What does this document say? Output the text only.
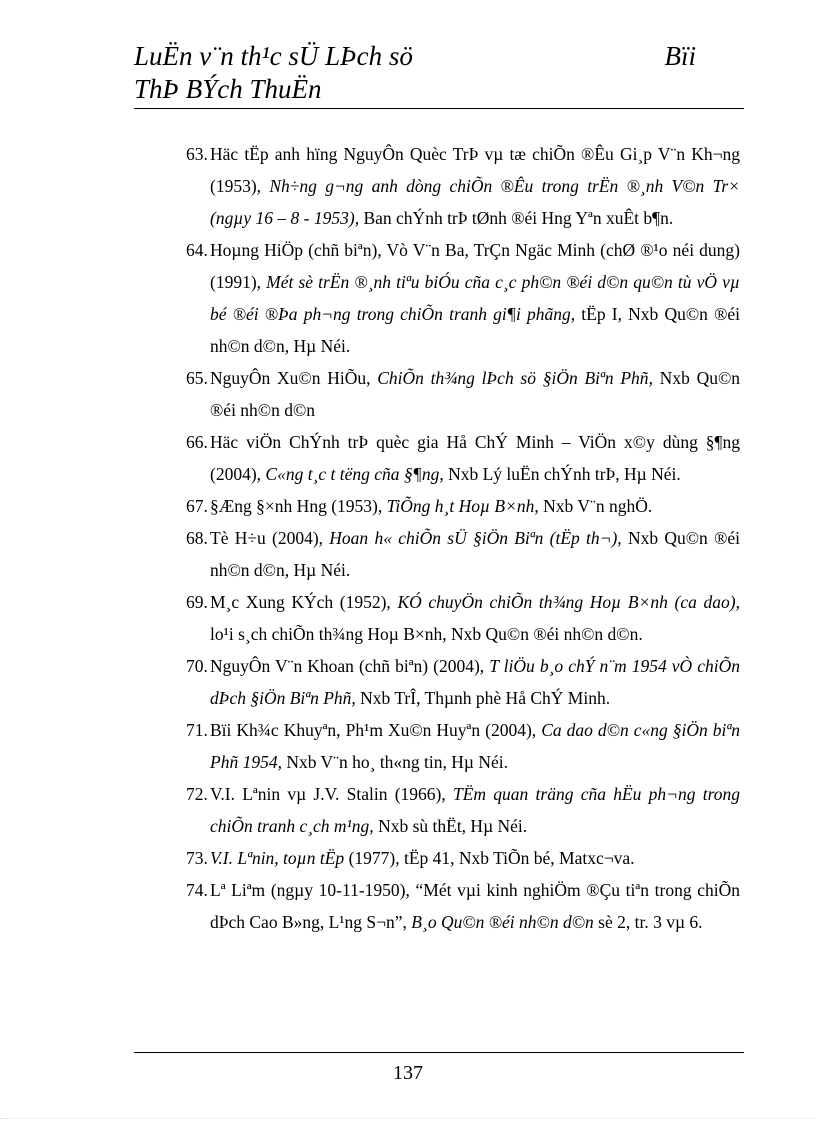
LuËn v¨n th¹c sÜ LÞch sö	Bïi
ThÞ BÝch ThuËn
63. Häc tËp anh hïng NguyÔn Quèc TrÞ vµ tæ chiÕn ®Êu Gi¸p V¨n Kh¬ng (1953), Nh÷ng g¬ng anh dòng chiÕn ®Êu trong trËn ®¸nh V©n Tr× (ngµy 16 – 8 - 1953), Ban chÝnh trÞ tØnh ®éi Hng Yªn xuÊt b¶n.
64. Hoµng HiÖp (chñ biªn), Vò V¨n Ba, TrÇn Ngäc Minh (chØ ®¹o néi dung) (1991), Mét sè trËn ®¸nh tiªu biÓu cña c¸c ph©n ®éi d©n qu©n tù vÖ vµ bé ®éi ®Þa ph¬ng trong chiÕn tranh gi¶i phãng, tËp I, Nxb Qu©n ®éi nh©n d©n, Hµ Néi.
65. NguyÔn Xu©n HiÕu, ChiÕn th¾ng lÞch sö §iÖn Biªn Phñ, Nxb Qu©n ®éi nh©n d©n
66. Häc viÖn ChÝnh trÞ quèc gia Hå ChÝ Minh – ViÖn x©y dùng §¶ng (2004), C«ng t¸c t tëng cña §¶ng, Nxb Lý luËn chÝnh trÞ, Hµ Néi.
67. §Æng §×nh Hng (1953), TiÕng h¸t Hoµ B×nh, Nxb V¨n nghÖ.
68. Tè H÷u (2004), Hoan h« chiÕn sÜ §iÖn Biªn (tËp th¬), Nxb Qu©n ®éi nh©n d©n, Hµ Néi.
69. M¸c Xung KÝch (1952), KÓ chuyÖn chiÕn th¾ng Hoµ B×nh (ca dao), lo¹i s¸ch chiÕn th¾ng Hoµ B×nh, Nxb Qu©n ®éi nh©n d©n.
70. NguyÔn V¨n Khoan (chñ biªn) (2004), T liÖu b¸o chÝ n¨m 1954 vÒ chiÕn dÞch §iÖn Biªn Phñ, Nxb TrÎ, Thµnh phè Hå ChÝ Minh.
71. Bïi Kh¾c Khuyªn, Ph¹m Xu©n Huyªn (2004), Ca dao d©n c«ng §iÖn biªn Phñ 1954, Nxb V¨n ho¸ th«ng tin, Hµ Néi.
72. V.I. Lªnin vµ J.V. Stalin (1966), TËm quan träng cña hËu ph¬ng trong chiÕn tranh c¸ch m¹ng, Nxb sù thËt, Hµ Néi.
73. V.I. Lªnin, toµn tËp (1977), tËp 41, Nxb TiÕn bé, Matxc¬va.
74. Lª Liªm (ngµy 10-11-1950), “Mét vµi kinh nghiÖm ®Çu tiªn trong chiÕn dÞch Cao B»ng, L¹ng S¬n”, B¸o Qu©n ®éi nh©n d©n sè 2, tr. 3 vµ 6.
137
